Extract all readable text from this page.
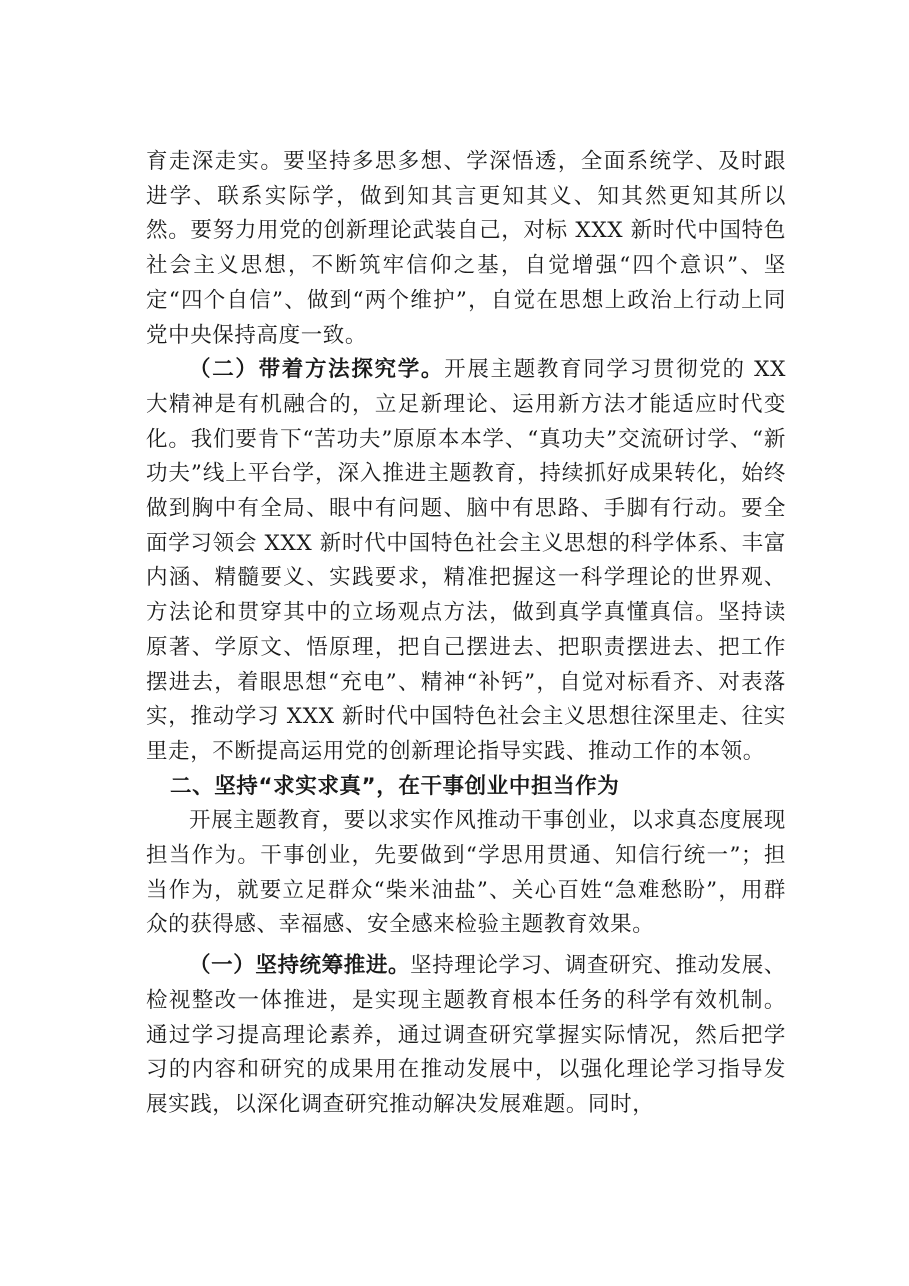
育走深走实。要坚持多思多想、学深悟透，全面系统学、及时跟进学、联系实际学，做到知其言更知其义、知其然更知其所以然。要努力用党的创新理论武装自己，对标 XXX 新时代中国特色社会主义思想，不断筑牢信仰之基，自觉增强“四个意识”、坚定“四个自信”、做到“两个维护”，自觉在思想上政治上行动上同党中央保持高度一致。

（二）带着方法探究学。开展主题教育同学习贯彻党的 XX 大精神是有机融合的，立足新理论、运用新方法才能适应时代变化。我们要肯下“苦功夫”原原本本学、“真功夫”交流研讨学、“新功夫”线上平台学，深入推进主题教育，持续抓好成果转化，始终做到胸中有全局、眼中有问题、脑中有思路、手脚有行动。要全面学习领会 XXX 新时代中国特色社会主义思想的科学体系、丰富内涵、精髓要义、实践要求，精准把握这一科学理论的世界观、方法论和贯穿其中的立场观点方法，做到真学真懂真信。坚持读原著、学原文、悟原理，把自己摆进去、把职责摆进去、把工作摆进去，着眼思想“充电”、精神“补钙”，自觉对标看齐、对表落实，推动学习 XXX 新时代中国特色社会主义思想往深里走、往实里走，不断提高运用党的创新理论指导实践、推动工作的本领。

二、坚持“求实求真”，在干事创业中担当作为

开展主题教育，要以求实作风推动干事创业，以求真态度展现担当作为。干事创业，先要做到“学思用贯通、知信行统一”；担当作为，就要立足群众“柴米油盐”、关心百姓“急难愁盼”，用群众的获得感、幸福感、安全感来检验主题教育效果。

（一）坚持统筹推进。坚持理论学习、调查研究、推动发展、检视整改一体推进，是实现主题教育根本任务的科学有效机制。通过学习提高理论素养，通过调查研究掌握实际情况，然后把学习的内容和研究的成果用在推动发展中，以强化理论学习指导发展实践，以深化调查研究推动解决发展难题。同时，
